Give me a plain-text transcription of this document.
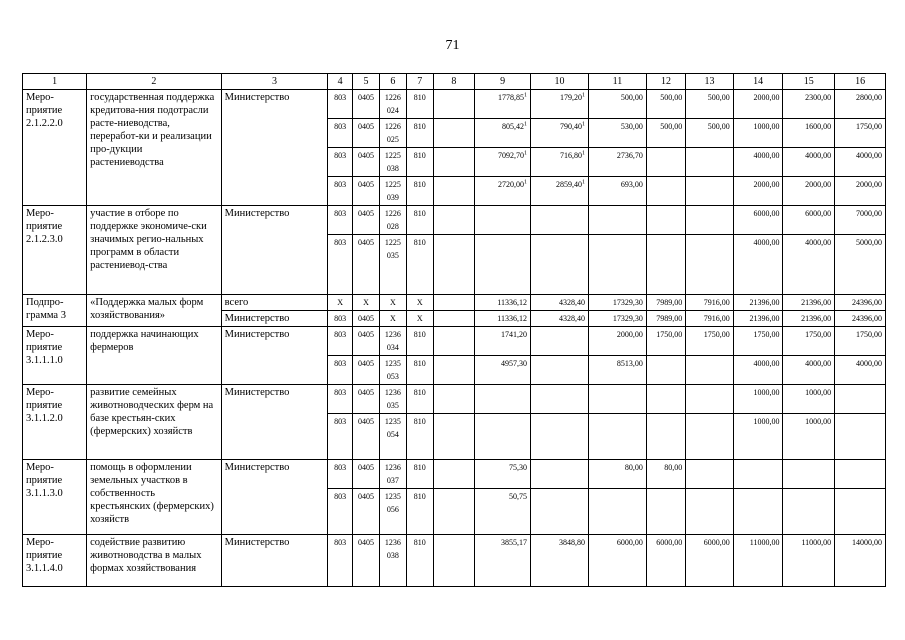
71
1	2	3	4	5	6	7	8	9	10	11	12	13	14	15	16
Меро-приятие 2.1.2.2.0	государственная поддержка кредитова-ния подотрасли расте-ниеводства, переработ-ки и реализации про-дукции растениеводства	Министерство	803	0405	1226 024	810		1778,85$^1$	179,20$^1$	500,00	500,00	500,00	2000,00	2300,00	2800,00
			803	0405	1226 025	810		805,42$^1$	790,40$^1$	530,00	500,00	500,00	1000,00	1600,00	1750,00
			803	0405	1225 038	810		7092,70$^1$	716,80$^1$	2736,70			4000,00	4000,00	4000,00
			803	0405	1225 039	810		2720,00$^1$	2859,40$^1$	693,00			2000,00	2000,00	2000,00
Меро-приятие 2.1.2.3.0	участие в отборе по поддержке экономиче-ски значимых регио-нальных программ в области растениевод-ства	Министерство	803	0405	1226 028	810							6000,00	6000,00	7000,00
			803	0405	1225 035	810							4000,00	4000,00	5000,00
Подпро-грамма 3	«Поддержка малых форм хозяйствования»	всего	Х	Х	Х	Х		11336,12	4328,40	17329,30	7989,00	7916,00	21396,00	21396,00	24396,00
		Министерство	803	0405	Х	Х		11336,12	4328,40	17329,30	7989,00	7916,00	21396,00	21396,00	24396,00
Меро-приятие 3.1.1.1.0	поддержка начинающих фермеров	Министерство	803	0405	1236 034	810		1741,20		2000,00	1750,00	1750,00	1750,00	1750,00	1750,00
			803	0405	1235 053	810		4957,30		8513,00			4000,00	4000,00	4000,00
Меро-приятие 3.1.1.2.0	развитие семейных животноводческих ферм на базе крестьян-ских (фермерских) хозяйств	Министерство	803	0405	1236 035	810							1000,00	1000,00	
			803	0405	1235 054	810							1000,00	1000,00	
Меро-приятие 3.1.1.3.0	помощь в оформлении земельных участков в собственность крестьянских (фермерских) хозяйств	Министерство	803	0405	1236 037	810		75,30		80,00	80,00				
			803	0405	1235 056	810		50,75							
Меро-приятие 3.1.1.4.0	содействие развитию животноводства в малых формах хозяйствования	Министерство	803	0405	1236 038	810		3855,17	3848,80	6000,00	6000,00	6000,00	11000,00	11000,00	14000,00
